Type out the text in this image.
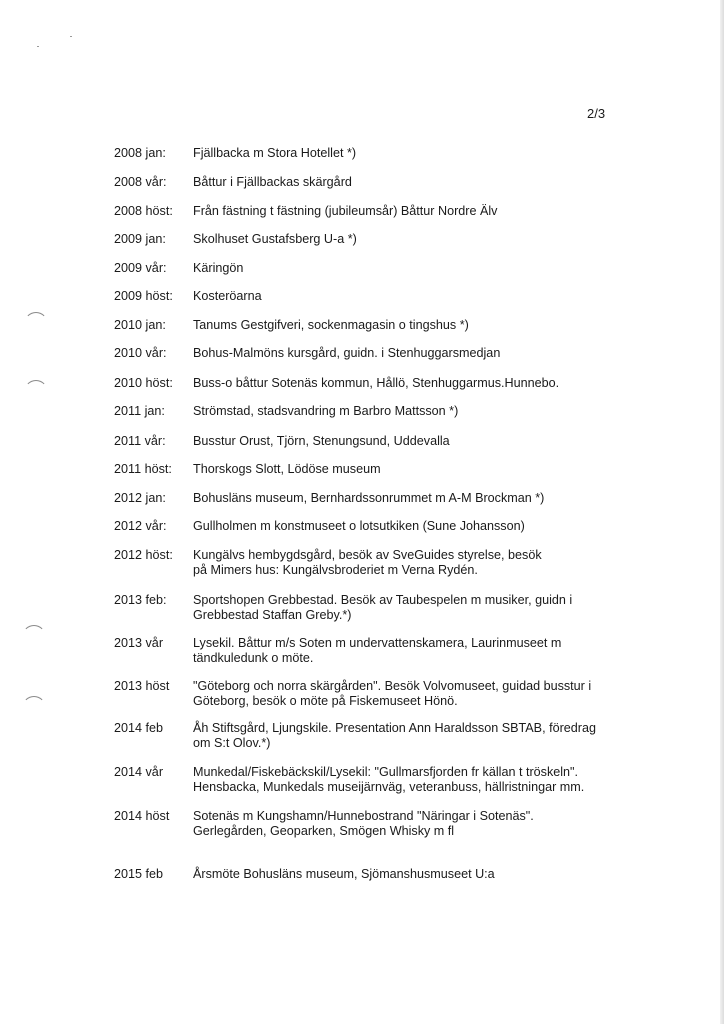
2/3
2008 jan: Fjällbacka m Stora Hotellet *)
2008 vår: Båttur i Fjällbackas skärgård
2008 höst: Från fästning t fästning (jubileumsår) Båttur Nordre Älv
2009 jan: Skolhuset Gustafsberg U-a *)
2009 vår: Käringön
2009 höst: Kosteröarna
2010 jan: Tanums Gestgifveri, sockenmagasin o tingshus *)
2010 vår: Bohus-Malmöns kursgård, guidn. i Stenhuggarsmedjan
2010 höst: Buss-o båttur Sotenäs kommun, Hållö, Stenhuggarmus.Hunnebo.
2011 jan: Strömstad, stadsvandring m Barbro Mattsson *)
2011 vår: Busstur Orust, Tjörn, Stenungsund, Uddevalla
2011 höst: Thorskogs Slott, Lödöse museum
2012 jan: Bohusläns museum, Bernhardssonrummet m A-M Brockman *)
2012 vår: Gullholmen m konstmuseet o lotsutkiken (Sune Johansson)
2012 höst: Kungälvs hembygdsgård, besök av SveGuides styrelse, besök
på Mimers hus: Kungälvsbroderiet m Verna Rydén.
2013 feb: Sportshopen Grebbestad. Besök av Taubespelen m musiker, guidn i
Grebbestad Staffan Greby.*)
2013 vår Lysekil. Båttur m/s Soten m undervattenskamera, Laurinmuseet m
tändkuledunk o möte.
2013 höst "Göteborg och norra skärgården". Besök Volvomuseet, guidad busstur i
Göteborg, besök o möte på Fiskemuseet Hönö.
2014 feb Åh Stiftsgård, Ljungskile. Presentation Ann Haraldsson SBTAB, föredrag
om S:t Olov.*)
2014 vår Munkedal/Fiskebäckskil/Lysekil: "Gullmarsfjorden fr källan t tröskeln".
Hensbacka, Munkedals museijärnväg, veteranbuss, hällristningar mm.
2014 höst Sotenäs m Kungshamn/Hunnebostrand "Näringar i Sotenäs".
Gerlegården, Geoparken, Smögen Whisky m fl
2015 feb Årsmöte Bohusläns museum, Sjömanshusmuseet U:a
